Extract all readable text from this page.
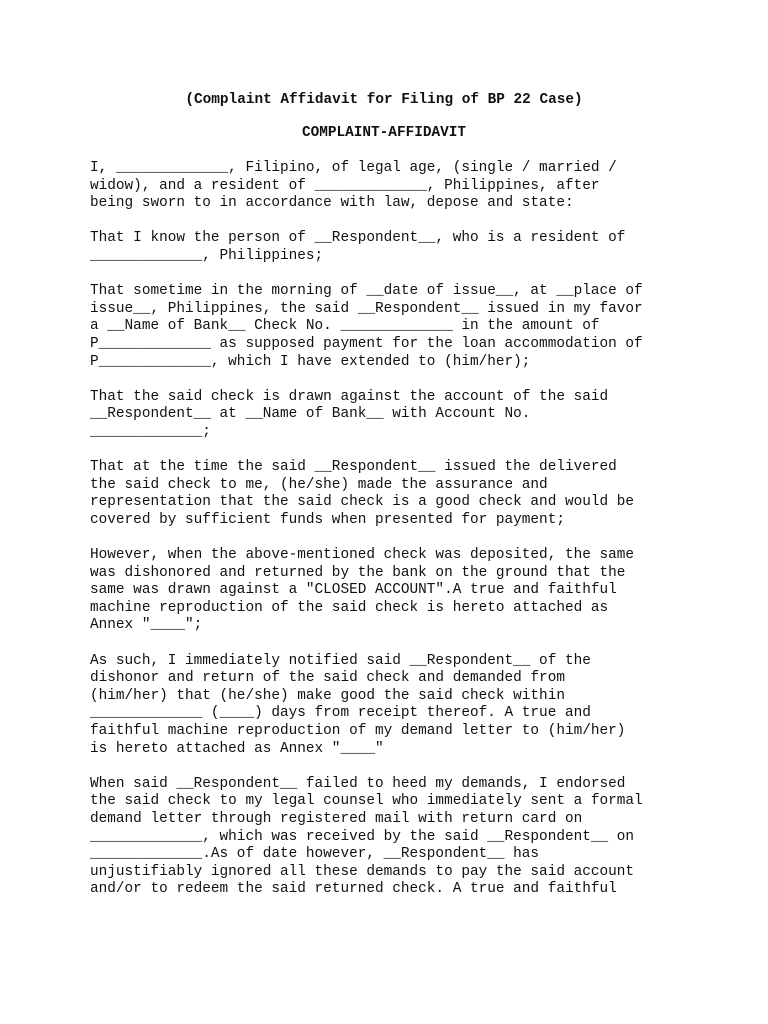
(Complaint Affidavit for Filing of BP 22 Case)

COMPLAINT-AFFIDAVIT

I, _____________, Filipino, of legal age, (single / married /
widow), and a resident of _____________, Philippines, after
being sworn to in accordance with law, depose and state:

That I know the person of __Respondent__, who is a resident of
_____________, Philippines;

That sometime in the morning of __date of issue__, at __place of
issue__, Philippines, the said __Respondent__ issued in my favor
a __Name of Bank__ Check No. _____________ in the amount of
P_____________ as supposed payment for the loan accommodation of
P_____________, which I have extended to (him/her);

That the said check is drawn against the account of the said
__Respondent__ at __Name of Bank__ with Account No.
_____________;

That at the time the said __Respondent__ issued the delivered
the said check to me, (he/she) made the assurance and
representation that the said check is a good check and would be
covered by sufficient funds when presented for payment;

However, when the above-mentioned check was deposited, the same
was dishonored and returned by the bank on the ground that the
same was drawn against a "CLOSED ACCOUNT".A true and faithful
machine reproduction of the said check is hereto attached as
Annex "____";

As such, I immediately notified said __Respondent__ of the
dishonor and return of the said check and demanded from
(him/her) that (he/she) make good the said check within
_____________ (____) days from receipt thereof. A true and
faithful machine reproduction of my demand letter to (him/her)
is hereto attached as Annex "____"

When said __Respondent__ failed to heed my demands, I endorsed
the said check to my legal counsel who immediately sent a formal
demand letter through registered mail with return card on
_____________, which was received by the said __Respondent__ on
_____________.As of date however, __Respondent__ has
unjustifiably ignored all these demands to pay the said account
and/or to redeem the said returned check. A true and faithful
